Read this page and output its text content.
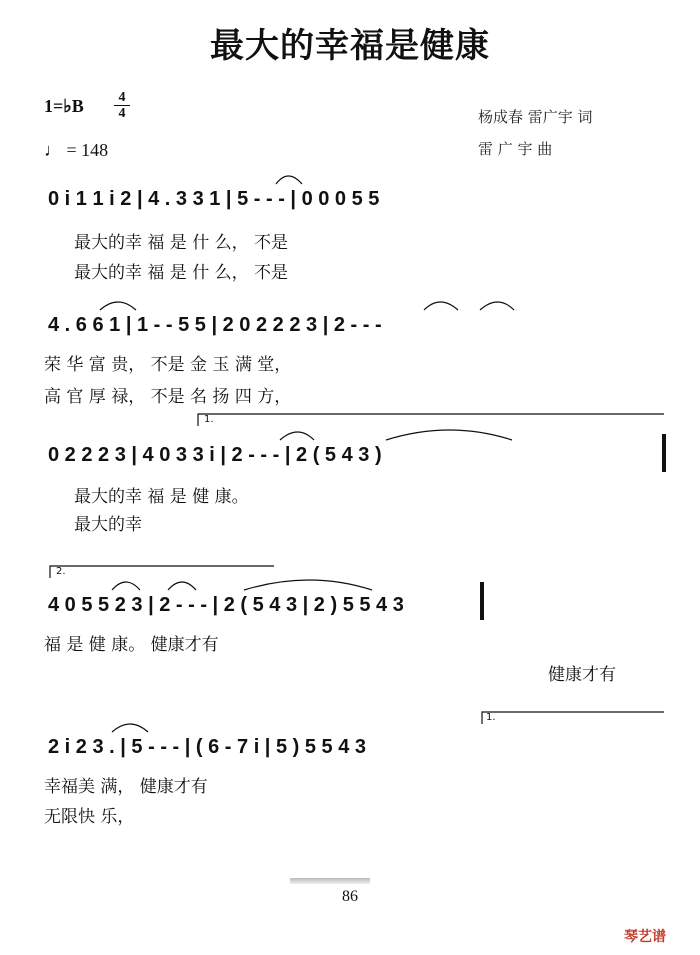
最大的幸福是健康
1=♭B	4
4
♩ = 148
杨成春 雷广宇 词
雷 广 宇 曲
0 i 1 1 i 2 | 4 . 3 3 1 | 5 - - - | 0 0 0 5 5
最大的幸 福 是 什 么， 不是
最大的幸 福 是 什 么， 不是
4 . 6 6 1 | 1 - - 5 5 | 2 0 2 2 2 3 | 2 - - -
荣 华 富 贵， 不是 金 玉 满 堂，
高 官 厚 禄， 不是 名 扬 四 方，
1.
0 2 2 2 3 | 4 0 3 3 i | 2 - - - | 2 ( 5 4 3 )
最大的幸 福 是 健 康。
最大的幸
2.
4 0 5 5 2 3 | 2 - - - | 2 ( 5 4 3 | 2 ) 5 5 4 3
福 是 健 康。 健康才有
健康才有
1.
2 i 2 3 . | 5 - - - | ( 6 - 7 i | 5 ) 5 5 4 3
幸福美 满， 健康才有
无限快 乐，
86
琴艺谱
